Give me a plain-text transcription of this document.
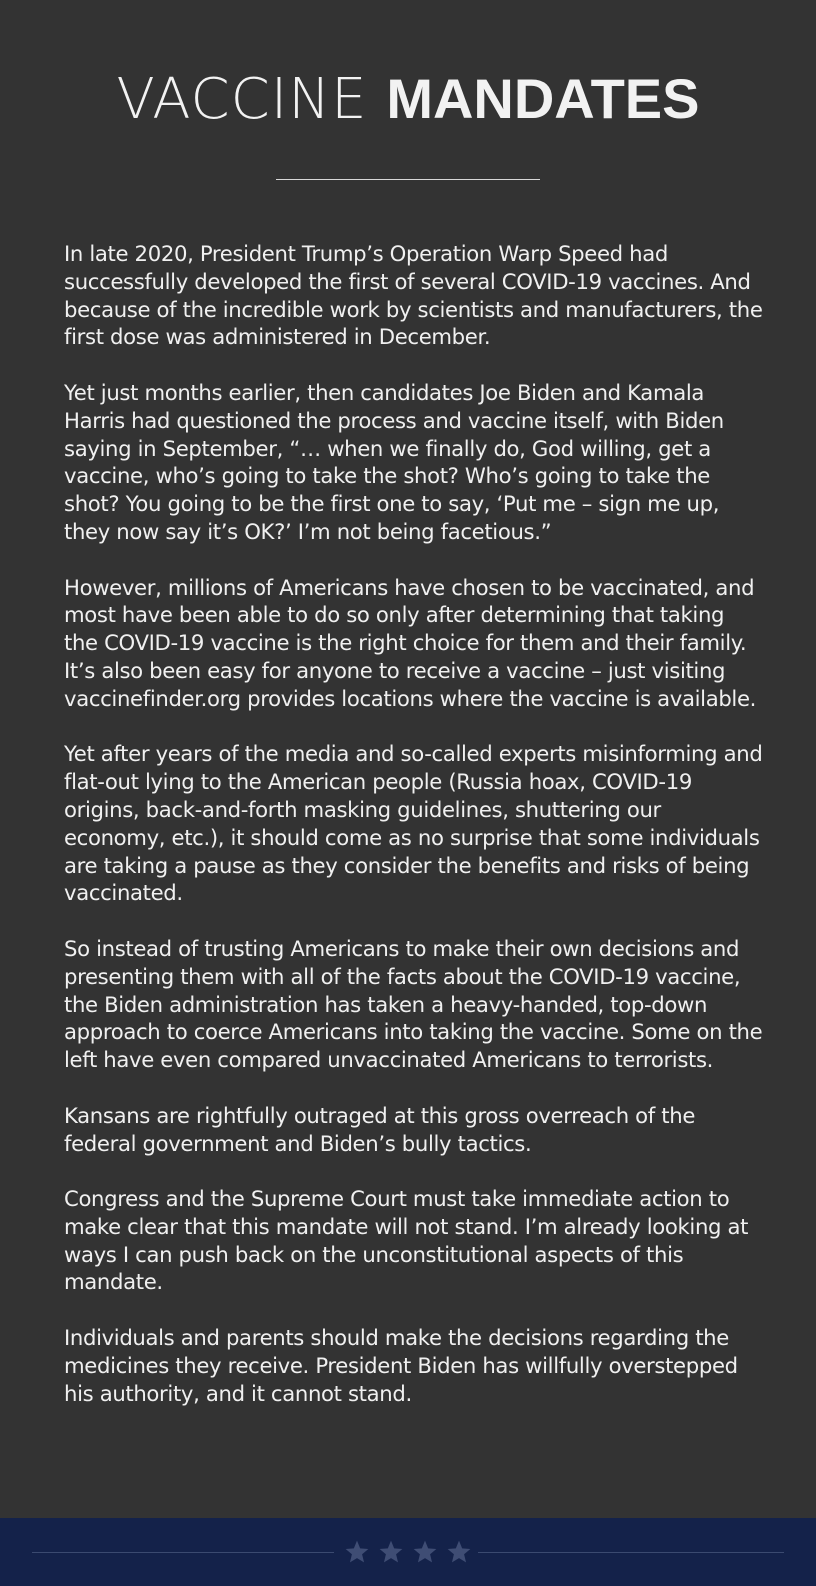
VACCINE MANDATES

In late 2020, President Trump’s Operation Warp Speed had successfully developed the first of several COVID-19 vaccines. And because of the incredible work by scientists and manufacturers, the first dose was administered in December.

Yet just months earlier, then candidates Joe Biden and Kamala Harris had questioned the process and vaccine itself, with Biden saying in September, “… when we finally do, God willing, get a vaccine, who’s going to take the shot? Who’s going to take the shot? You going to be the first one to say, ‘Put me – sign me up, they now say it’s OK?’ I’m not being facetious.”

However, millions of Americans have chosen to be vaccinated, and most have been able to do so only after determining that taking the COVID-19 vaccine is the right choice for them and their family. It’s also been easy for anyone to receive a vaccine – just visiting vaccinefinder.org provides locations where the vaccine is available.

Yet after years of the media and so-called experts misinforming and flat-out lying to the American people (Russia hoax, COVID-19 origins, back-and-forth masking guidelines, shuttering our economy, etc.), it should come as no surprise that some individuals are taking a pause as they consider the benefits and risks of being vaccinated.

So instead of trusting Americans to make their own decisions and presenting them with all of the facts about the COVID-19 vaccine, the Biden administration has taken a heavy-handed, top-down approach to coerce Americans into taking the vaccine. Some on the left have even compared unvaccinated Americans to terrorists.

Kansans are rightfully outraged at this gross overreach of the federal government and Biden’s bully tactics.

Congress and the Supreme Court must take immediate action to make clear that this mandate will not stand. I’m already looking at ways I can push back on the unconstitutional aspects of this mandate.

Individuals and parents should make the decisions regarding the medicines they receive. President Biden has willfully overstepped his authority, and it cannot stand.
